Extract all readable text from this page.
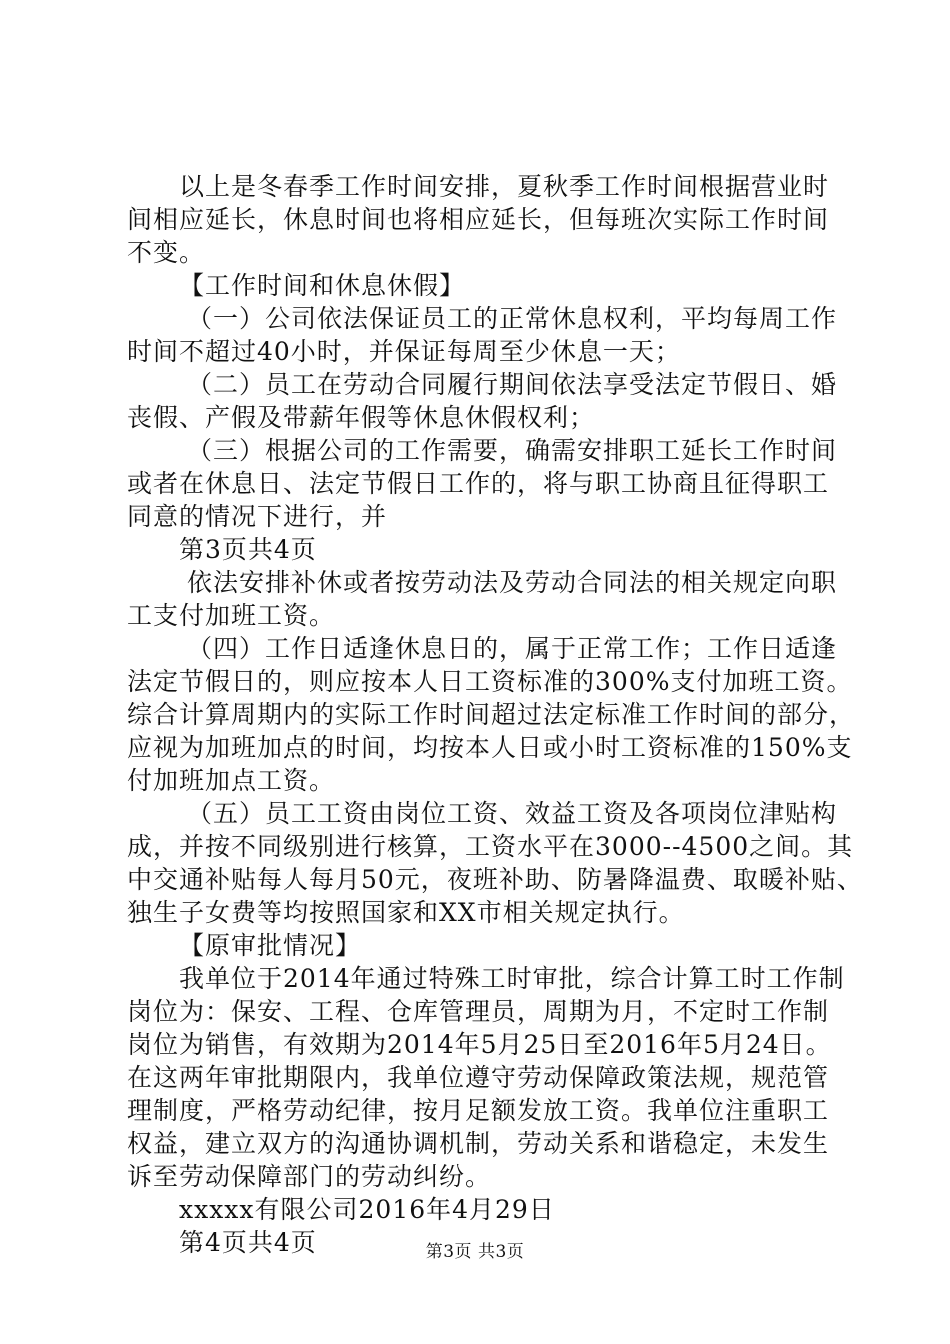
以上是冬春季工作时间安排，夏秋季工作时间根据营业时
间相应延长，休息时间也将相应延长，但每班次实际工作时间
不变。
【工作时间和休息休假】
（一）公司依法保证员工的正常休息权利，平均每周工作
时间不超过40小时，并保证每周至少休息一天；
（二）员工在劳动合同履行期间依法享受法定节假日、婚
丧假、产假及带薪年假等休息休假权利；
（三）根据公司的工作需要，确需安排职工延长工作时间
或者在休息日、法定节假日工作的，将与职工协商且征得职工
同意的情况下进行，并
第3页共4页
依法安排补休或者按劳动法及劳动合同法的相关规定向职
工支付加班工资。
（四）工作日适逢休息日的，属于正常工作；工作日适逢
法定节假日的，则应按本人日工资标准的300%支付加班工资。
综合计算周期内的实际工作时间超过法定标准工作时间的部分，
应视为加班加点的时间，均按本人日或小时工资标准的150%支
付加班加点工资。
（五）员工工资由岗位工资、效益工资及各项岗位津贴构
成，并按不同级别进行核算，工资水平在3000--4500之间。其
中交通补贴每人每月50元，夜班补助、防暑降温费、取暖补贴、
独生子女费等均按照国家和XX市相关规定执行。
【原审批情况】
我单位于2014年通过特殊工时审批，综合计算工时工作制
岗位为：保安、工程、仓库管理员，周期为月，不定时工作制
岗位为销售，有效期为2014年5月25日至2016年5月24日。
在这两年审批期限内，我单位遵守劳动保障政策法规，规范管
理制度，严格劳动纪律，按月足额发放工资。我单位注重职工
权益，建立双方的沟通协调机制，劳动关系和谐稳定，未发生
诉至劳动保障部门的劳动纠纷。
xxxxx有限公司2016年4月29日
第4页共4页	第3页 共3页
